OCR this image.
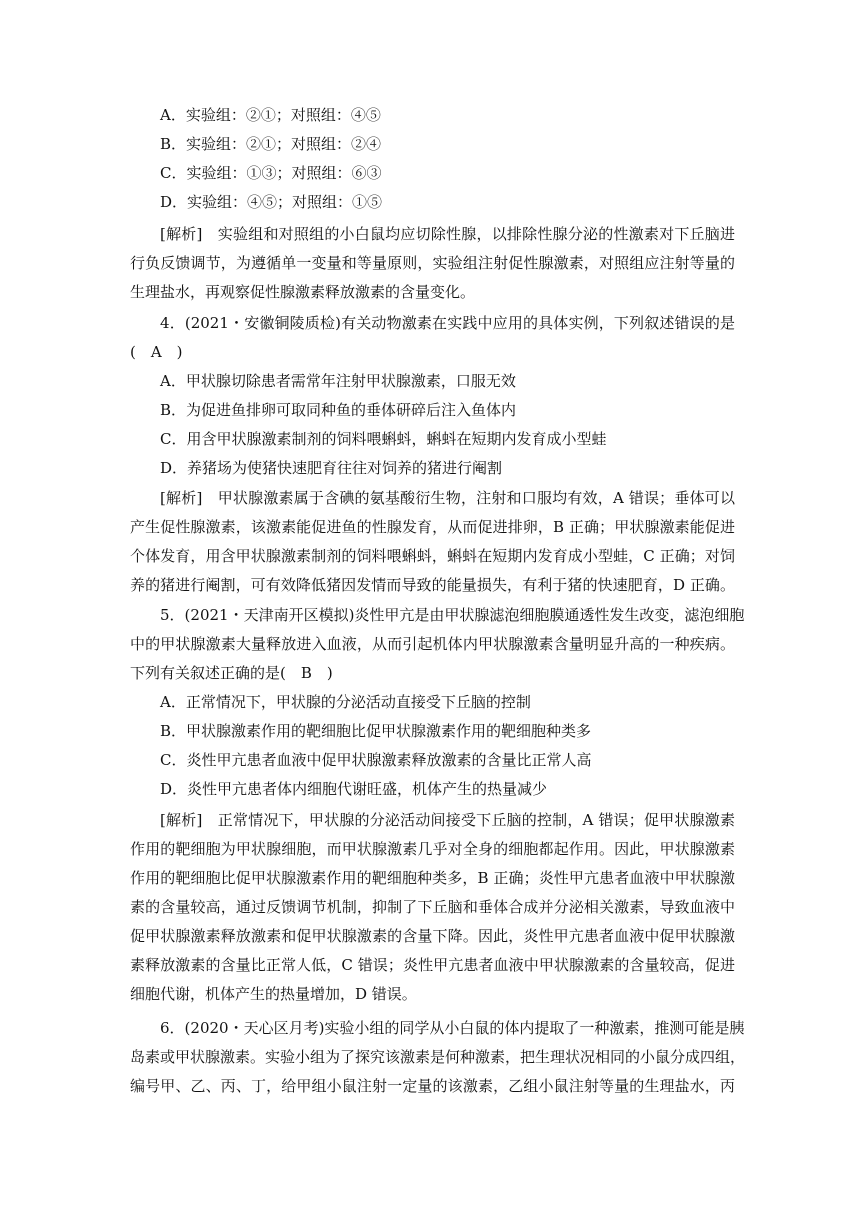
A．实验组：②①；对照组：④⑤
B．实验组：②①；对照组：②④
C．实验组：①③；对照组：⑥③
D．实验组：④⑤；对照组：①⑤
[解析]　 实验组和对照组的小白鼠均应切除性腺，以排除性腺分泌的性激素对下丘脑进
行负反馈调节，为遵循单一变量和等量原则，实验组注射促性腺激素，对照组应注射等量的
生理盐水，再观察促性腺激素释放激素的含量变化。
4．(2021・安徽铜陵质检)有关动物激素在实践中应用的具体实例，下列叙述错误的是
(　A　)
A．甲状腺切除患者需常年注射甲状腺激素，口服无效
B．为促进鱼排卵可取同种鱼的垂体研碎后注入鱼体内
C．用含甲状腺激素制剂的饲料喂蝌蚪，蝌蚪在短期内发育成小型蛙
D．养猪场为使猪快速肥育往往对饲养的猪进行阉割
[解析]　 甲状腺激素属于含碘的氨基酸衍生物，注射和口服均有效，A 错误；垂体可以
产生促性腺激素，该激素能促进鱼的性腺发育，从而促进排卵，B 正确；甲状腺激素能促进
个体发育，用含甲状腺激素制剂的饲料喂蝌蚪，蝌蚪在短期内发育成小型蛙，C 正确；对饲
养的猪进行阉割，可有效降低猪因发情而导致的能量损失，有利于猪的快速肥育，D 正确。
5．(2021・天津南开区模拟)炎性甲亢是由甲状腺滤泡细胞膜通透性发生改变，滤泡细胞
中的甲状腺激素大量释放进入血液，从而引起机体内甲状腺激素含量明显升高的一种疾病。
下列有关叙述正确的是(　B　)
A．正常情况下，甲状腺的分泌活动直接受下丘脑的控制
B．甲状腺激素作用的靶细胞比促甲状腺激素作用的靶细胞种类多
C．炎性甲亢患者血液中促甲状腺激素释放激素的含量比正常人高
D．炎性甲亢患者体内细胞代谢旺盛，机体产生的热量减少
[解析]　 正常情况下，甲状腺的分泌活动间接受下丘脑的控制，A 错误；促甲状腺激素
作用的靶细胞为甲状腺细胞，而甲状腺激素几乎对全身的细胞都起作用。因此，甲状腺激素
作用的靶细胞比促甲状腺激素作用的靶细胞种类多，B 正确；炎性甲亢患者血液中甲状腺激
素的含量较高，通过反馈调节机制，抑制了下丘脑和垂体合成并分泌相关激素，导致血液中
促甲状腺激素释放激素和促甲状腺激素的含量下降。因此，炎性甲亢患者血液中促甲状腺激
素释放激素的含量比正常人低，C 错误；炎性甲亢患者血液中甲状腺激素的含量较高，促进
细胞代谢，机体产生的热量增加，D 错误。
6．(2020・天心区月考)实验小组的同学从小白鼠的体内提取了一种激素，推测可能是胰
岛素或甲状腺激素。实验小组为了探究该激素是何种激素，把生理状况相同的小鼠分成四组，
编号甲、乙、丙、丁，给甲组小鼠注射一定量的该激素，乙组小鼠注射等量的生理盐水，丙
